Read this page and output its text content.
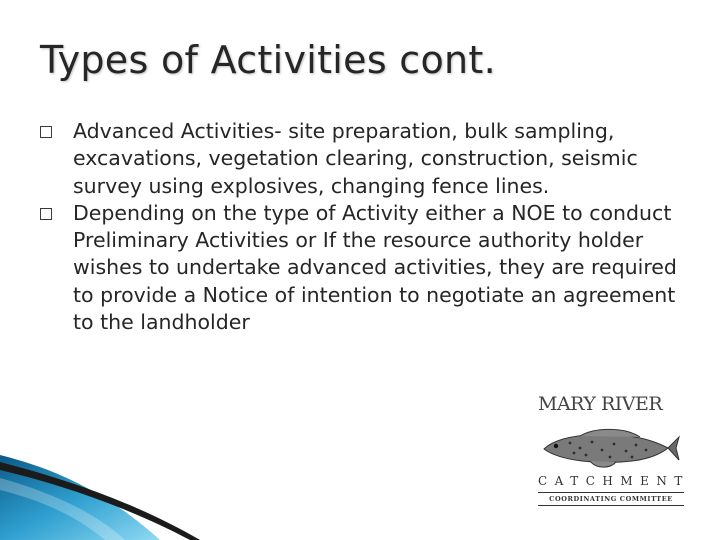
Types of Activities cont.
Advanced Activities- site preparation, bulk sampling, excavations, vegetation clearing, construction, seismic survey using explosives, changing fence lines.
Depending on the type of Activity either a NOE to conduct Preliminary Activities or If the resource authority holder wishes to undertake advanced activities, they are required to provide a Notice of intention to negotiate an agreement to the landholder
MARY RIVER
CATCHMENT
COORDINATING COMMITTEE
